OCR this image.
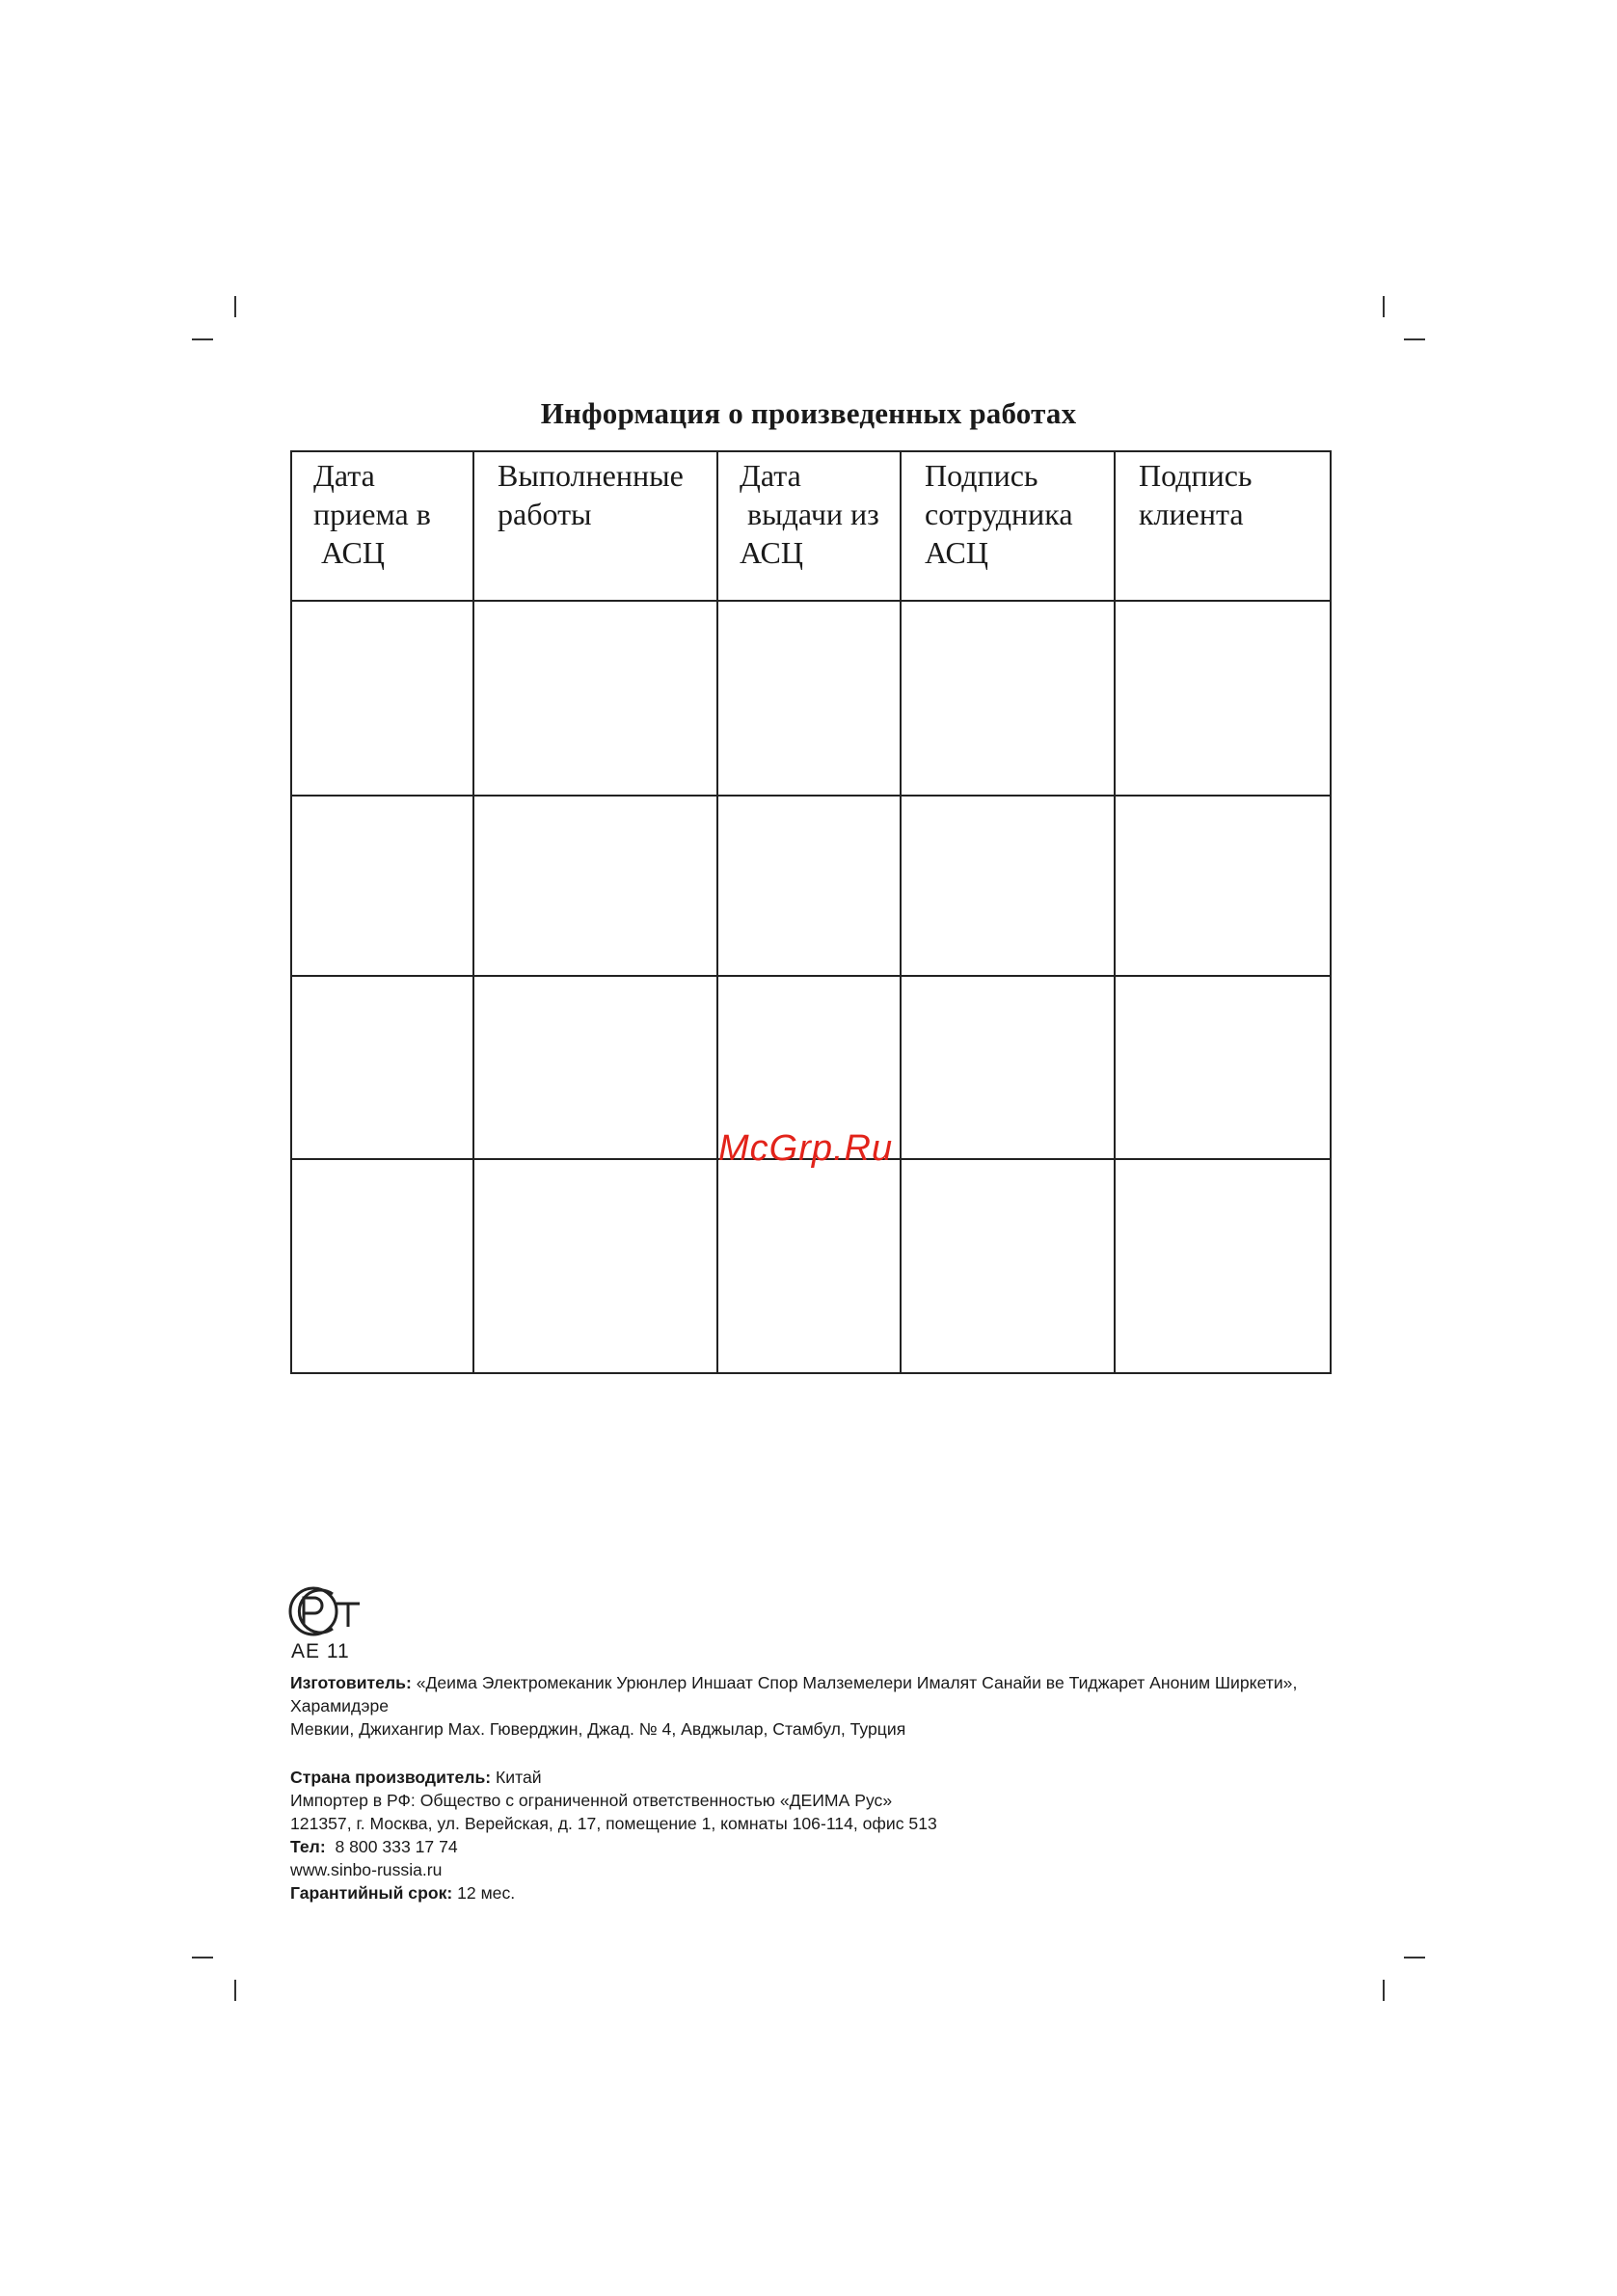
Информация о произведенных работах
Дата
приема в
АСЦ	Выполненные
работы	Дата
выдачи из
АСЦ	Подпись
сотрудника
АСЦ	Подпись
клиента

McGrp.Ru
АЕ 11

Изготовитель: «Деима Электромеканик Урюнлер Иншаат Спор Малземелери Ималят Санайи ве Тиджарет Аноним Ширкети», Харамидэре

Мевкии, Джихангир Мах. Гюверджин, Джад. № 4, Авджылар, Стамбул, Турция

Страна производитель: Китай

Импортер в РФ: Общество с ограниченной ответственностью «ДЕИМА Рус»

121357, г. Москва, ул. Верейская, д. 17, помещение 1, комнаты 106-114, офис 513

Тел:  8 800 333 17 74

www.sinbo-russia.ru

Гарантийный срок: 12 мес.
